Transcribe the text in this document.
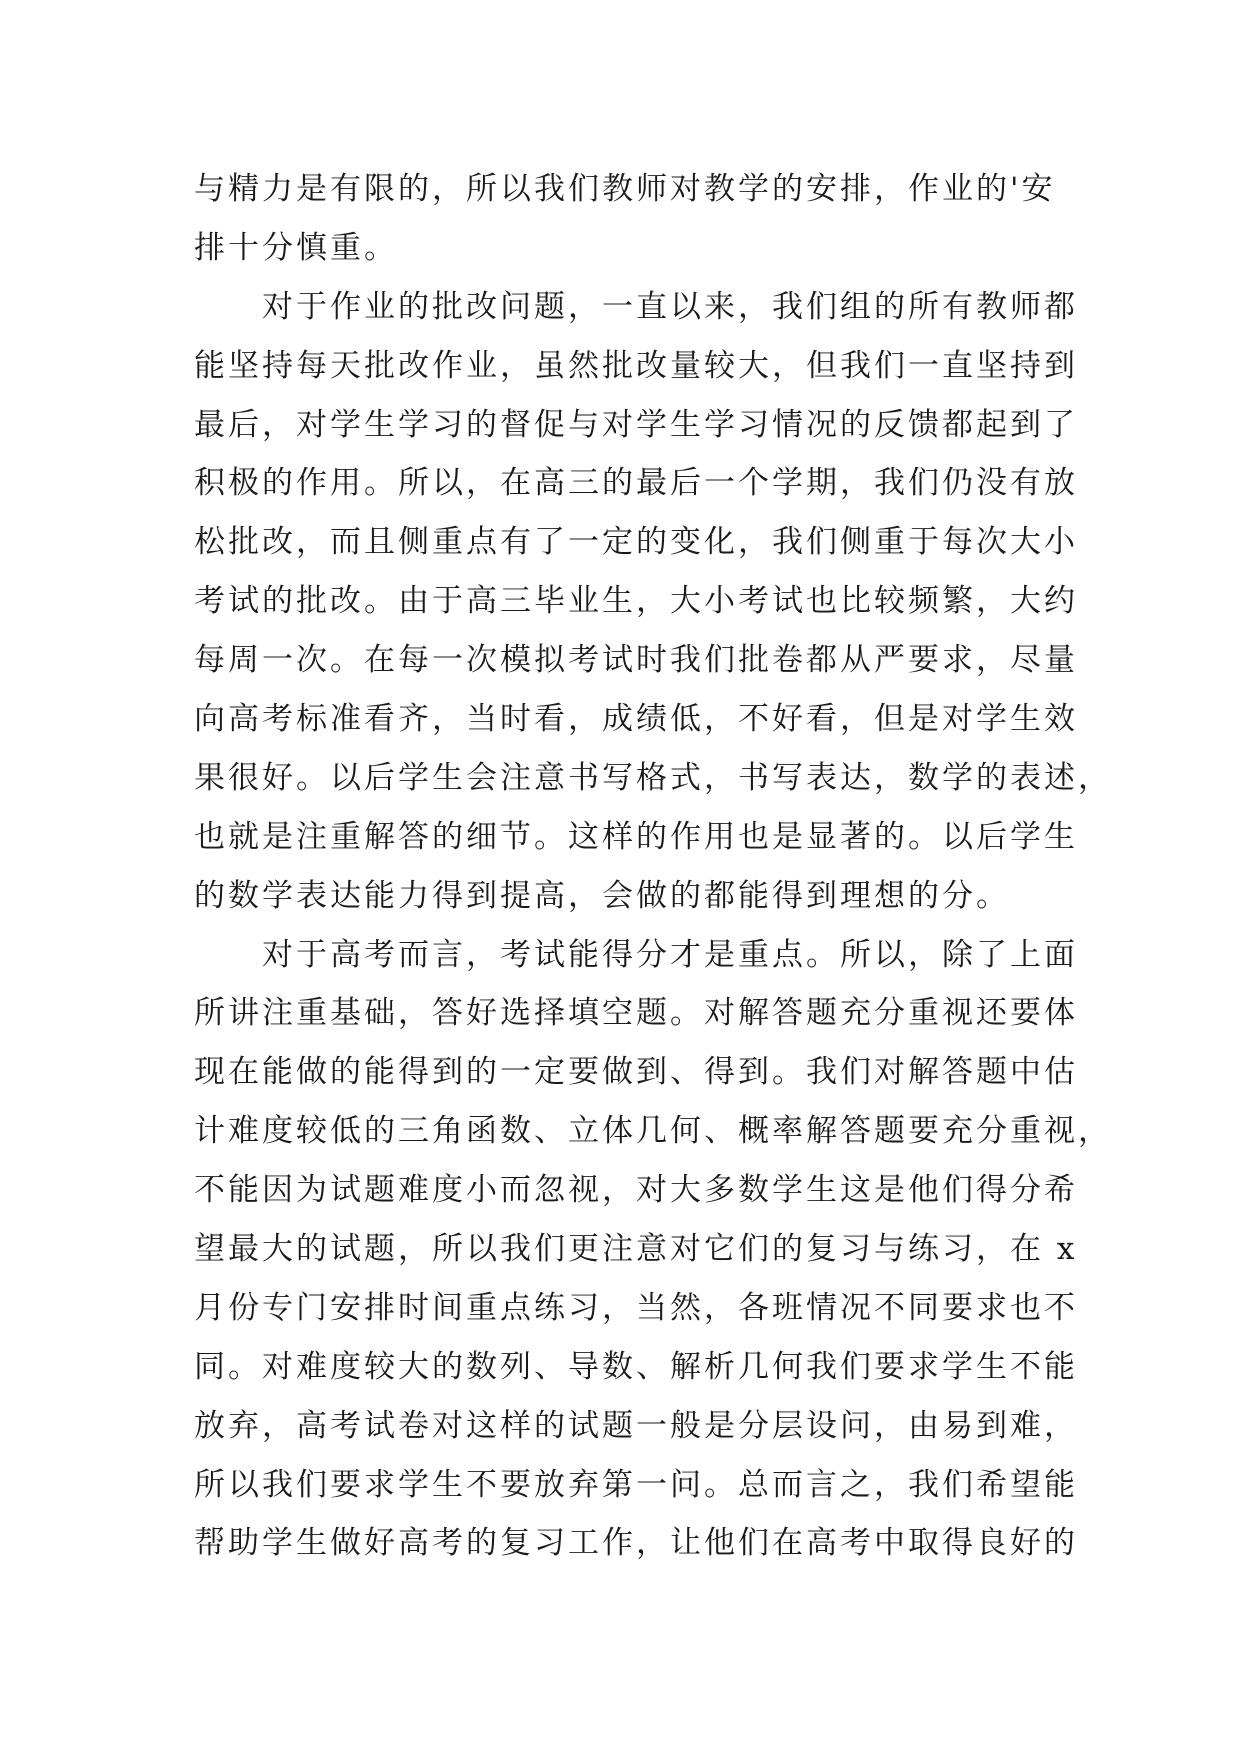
与精力是有限的，所以我们教师对教学的安排，作业的'安
排十分慎重。
对于作业的批改问题，一直以来，我们组的所有教师都
能坚持每天批改作业，虽然批改量较大，但我们一直坚持到
最后，对学生学习的督促与对学生学习情况的反馈都起到了
积极的作用。所以，在高三的最后一个学期，我们仍没有放
松批改，而且侧重点有了一定的变化，我们侧重于每次大小
考试的批改。由于高三毕业生，大小考试也比较频繁，大约
每周一次。在每一次模拟考试时我们批卷都从严要求，尽量
向高考标准看齐，当时看，成绩低，不好看，但是对学生效
果很好。以后学生会注意书写格式，书写表达，数学的表述，
也就是注重解答的细节。这样的作用也是显著的。以后学生
的数学表达能力得到提高，会做的都能得到理想的分。
对于高考而言，考试能得分才是重点。所以，除了上面
所讲注重基础，答好选择填空题。对解答题充分重视还要体
现在能做的能得到的一定要做到、得到。我们对解答题中估
计难度较低的三角函数、立体几何、概率解答题要充分重视，
不能因为试题难度小而忽视，对大多数学生这是他们得分希
望最大的试题，所以我们更注意对它们的复习与练习，在 x
月份专门安排时间重点练习，当然，各班情况不同要求也不
同。对难度较大的数列、导数、解析几何我们要求学生不能
放弃，高考试卷对这样的试题一般是分层设问，由易到难，
所以我们要求学生不要放弃第一问。总而言之，我们希望能
帮助学生做好高考的复习工作，让他们在高考中取得良好的
